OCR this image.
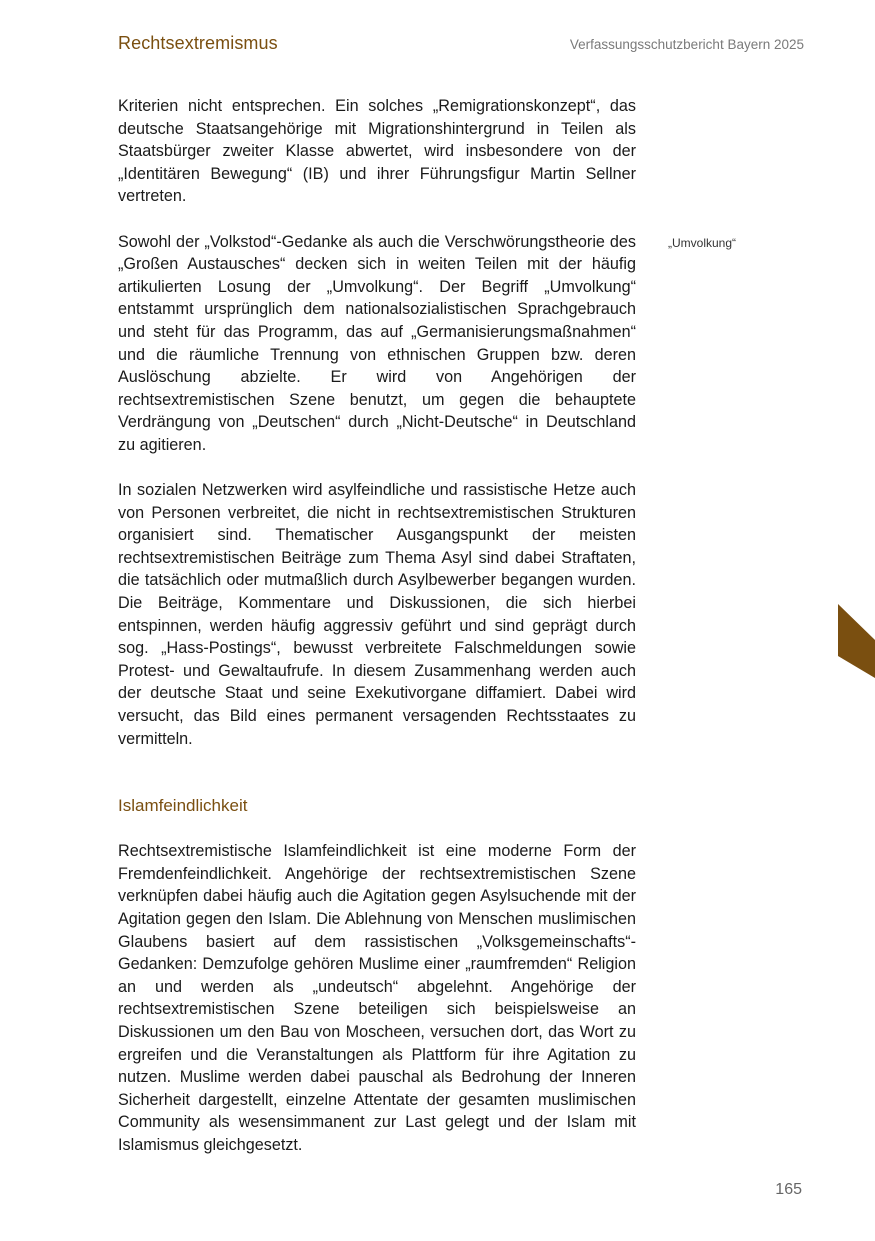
Rechtsextremismus	Verfassungsschutzbericht Bayern 2025

Kriterien nicht entsprechen. Ein solches „Remigrationskonzept“, das deutsche Staatsangehörige mit Migrationshintergrund in Teilen als Staatsbürger zweiter Klasse abwertet, wird insbesondere von der „Identitären Bewegung“ (IB) und ihrer Führungsfigur Martin Sellner vertreten.

Sowohl der „Volkstod“-Gedanke als auch die Verschwörungstheorie des „Großen Austausches“ decken sich in weiten Teilen mit der häufig artikulierten Losung der „Umvolkung“. Der Begriff „Umvolkung“ entstammt ursprünglich dem nationalsozialistischen Sprachgebrauch und steht für das Programm, das auf „Germanisierungsmaßnahmen“ und die räumliche Trennung von ethnischen Gruppen bzw. deren Auslöschung abzielte. Er wird von Angehörigen der rechtsextremistischen Szene benutzt, um gegen die behauptete Verdrängung von „Deutschen“ durch „Nicht-Deutsche“ in Deutschland zu agitieren.

In sozialen Netzwerken wird asylfeindliche und rassistische Hetze auch von Personen verbreitet, die nicht in rechtsextremistischen Strukturen organisiert sind. Thematischer Ausgangspunkt der meisten rechtsextremistischen Beiträge zum Thema Asyl sind dabei Straftaten, die tatsächlich oder mutmaßlich durch Asylbewerber begangen wurden. Die Beiträge, Kommentare und Diskussionen, die sich hierbei entspinnen, werden häufig aggressiv geführt und sind geprägt durch sog. „Hass-Postings“, bewusst verbreitete Falschmeldungen sowie Protest- und Gewaltaufrufe. In diesem Zusammenhang werden auch der deutsche Staat und seine Exekutivorgane diffamiert. Dabei wird versucht, das Bild eines permanent versagenden Rechtsstaates zu vermitteln.

Islamfeindlichkeit

Rechtsextremistische Islamfeindlichkeit ist eine moderne Form der Fremdenfeindlichkeit. Angehörige der rechtsextremistischen Szene verknüpfen dabei häufig auch die Agitation gegen Asylsuchende mit der Agitation gegen den Islam. Die Ablehnung von Menschen muslimischen Glaubens basiert auf dem rassistischen „Volksgemeinschafts“-Gedanken: Demzufolge gehören Muslime einer „raumfremden“ Religion an und werden als „undeutsch“ abgelehnt. Angehörige der rechtsextremistischen Szene beteiligen sich beispielsweise an Diskussionen um den Bau von Moscheen, versuchen dort, das Wort zu ergreifen und die Veranstaltungen als Plattform für ihre Agitation zu nutzen. Muslime werden dabei pauschal als Bedrohung der Inneren Sicherheit dargestellt, einzelne Attentate der gesamten muslimischen Community als wesensimmanent zur Last gelegt und der Islam mit Islamismus gleichgesetzt.

„Umvolkung“
165
